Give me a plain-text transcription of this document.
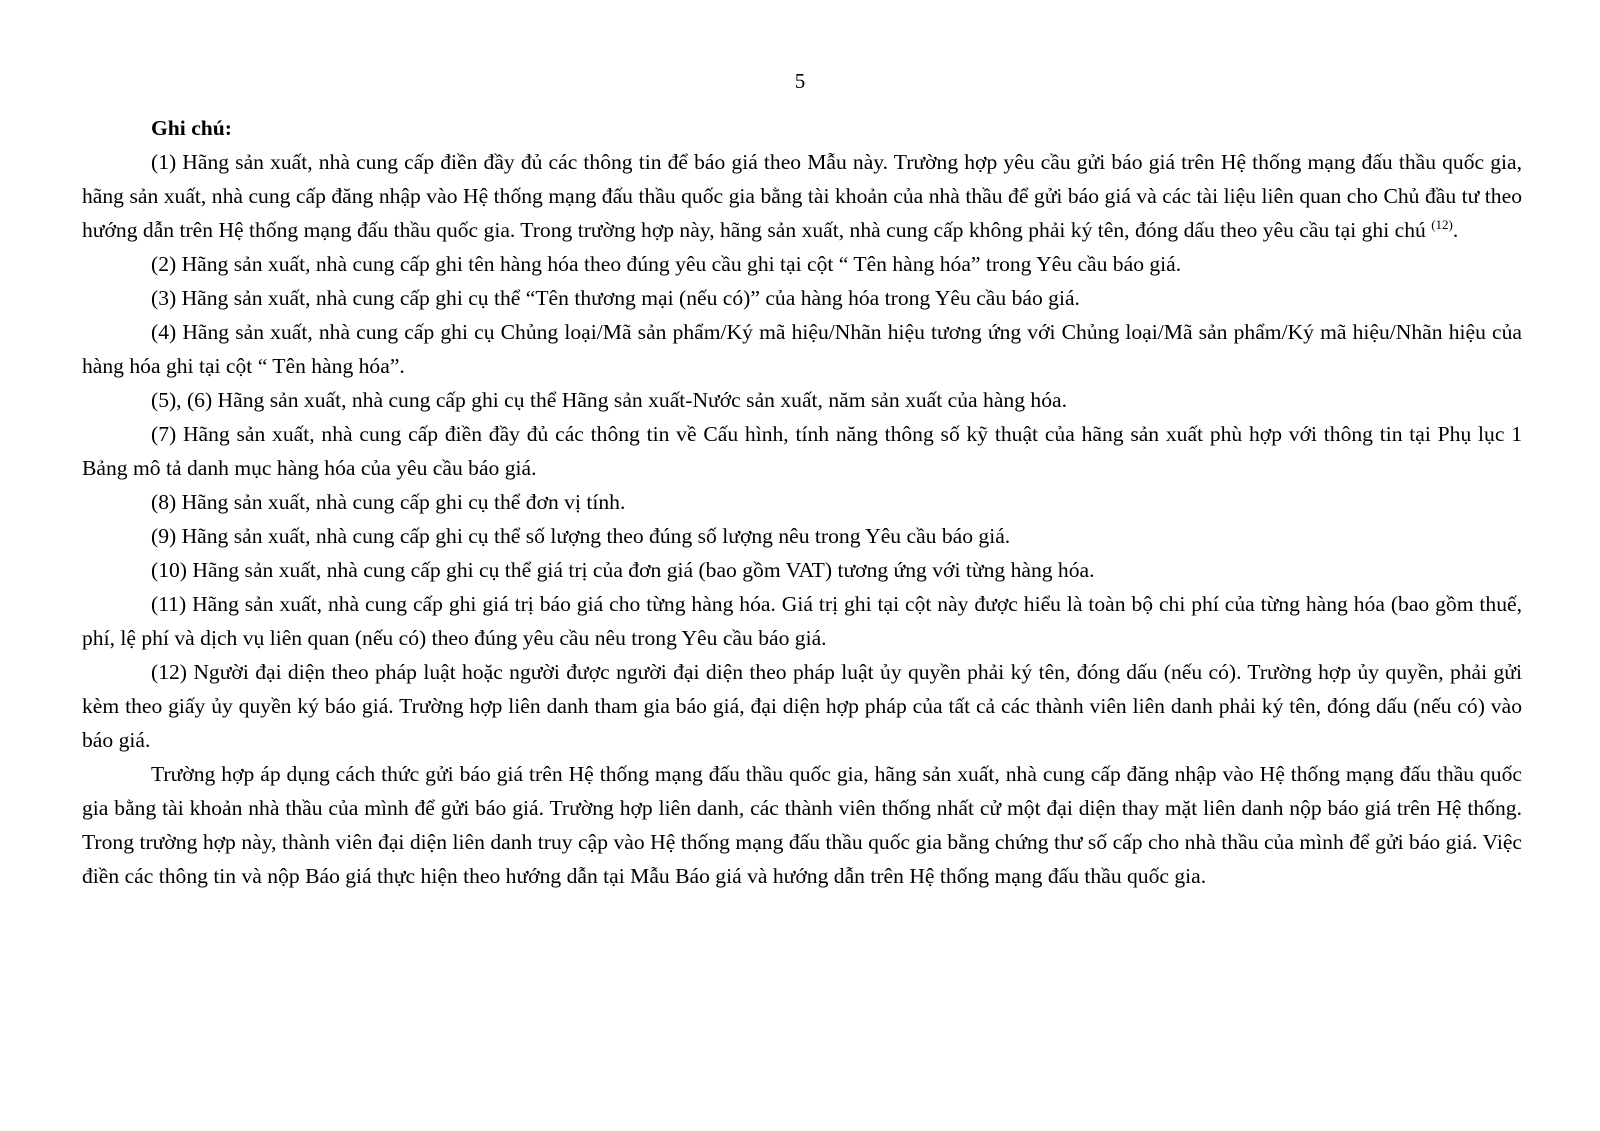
5

Ghi chú:

(1) Hãng sản xuất, nhà cung cấp điền đầy đủ các thông tin để báo giá theo Mẫu này. Trường hợp yêu cầu gửi báo giá trên Hệ thống mạng đấu thầu quốc gia, hãng sản xuất, nhà cung cấp đăng nhập vào Hệ thống mạng đấu thầu quốc gia bằng tài khoản của nhà thầu để gửi báo giá và các tài liệu liên quan cho Chủ đầu tư theo hướng dẫn trên Hệ thống mạng đấu thầu quốc gia. Trong trường hợp này, hãng sản xuất, nhà cung cấp không phải ký tên, đóng dấu theo yêu cầu tại ghi chú $^{(12)}$.

(2) Hãng sản xuất, nhà cung cấp ghi tên hàng hóa theo đúng yêu cầu ghi tại cột “ Tên hàng hóa” trong Yêu cầu báo giá.

(3) Hãng sản xuất, nhà cung cấp ghi cụ thể “Tên thương mại (nếu có)” của hàng hóa trong Yêu cầu báo giá.

(4) Hãng sản xuất, nhà cung cấp ghi cụ Chủng loại/Mã sản phẩm/Ký mã hiệu/Nhãn hiệu tương ứng với Chủng loại/Mã sản phẩm/Ký mã hiệu/Nhãn hiệu của hàng hóa ghi tại cột “ Tên hàng hóa”.

(5), (6) Hãng sản xuất, nhà cung cấp ghi cụ thể Hãng sản xuất-Nước sản xuất, năm sản xuất của hàng hóa.

(7) Hãng sản xuất, nhà cung cấp điền đầy đủ các thông tin về Cấu hình, tính năng thông số kỹ thuật của hãng sản xuất phù hợp với thông tin tại Phụ lục 1 Bảng mô tả danh mục hàng hóa của yêu cầu báo giá.

(8) Hãng sản xuất, nhà cung cấp ghi cụ thể đơn vị tính.

(9) Hãng sản xuất, nhà cung cấp ghi cụ thể số lượng theo đúng số lượng nêu trong Yêu cầu báo giá.

(10) Hãng sản xuất, nhà cung cấp ghi cụ thể giá trị của đơn giá (bao gồm VAT) tương ứng với từng hàng hóa.

(11) Hãng sản xuất, nhà cung cấp ghi giá trị báo giá cho từng hàng hóa. Giá trị ghi tại cột này được hiểu là toàn bộ chi phí của từng hàng hóa (bao gồm thuế, phí, lệ phí và dịch vụ liên quan (nếu có) theo đúng yêu cầu nêu trong Yêu cầu báo giá.

(12) Người đại diện theo pháp luật hoặc người được người đại diện theo pháp luật ủy quyền phải ký tên, đóng dấu (nếu có). Trường hợp ủy quyền, phải gửi kèm theo giấy ủy quyền ký báo giá. Trường hợp liên danh tham gia báo giá, đại diện hợp pháp của tất cả các thành viên liên danh phải ký tên, đóng dấu (nếu có) vào báo giá.

Trường hợp áp dụng cách thức gửi báo giá trên Hệ thống mạng đấu thầu quốc gia, hãng sản xuất, nhà cung cấp đăng nhập vào Hệ thống mạng đấu thầu quốc gia bằng tài khoản nhà thầu của mình để gửi báo giá. Trường hợp liên danh, các thành viên thống nhất cử một đại diện thay mặt liên danh nộp báo giá trên Hệ thống. Trong trường hợp này, thành viên đại diện liên danh truy cập vào Hệ thống mạng đấu thầu quốc gia bằng chứng thư số cấp cho nhà thầu của mình để gửi báo giá. Việc điền các thông tin và nộp Báo giá thực hiện theo hướng dẫn tại Mẫu Báo giá và hướng dẫn trên Hệ thống mạng đấu thầu quốc gia.
